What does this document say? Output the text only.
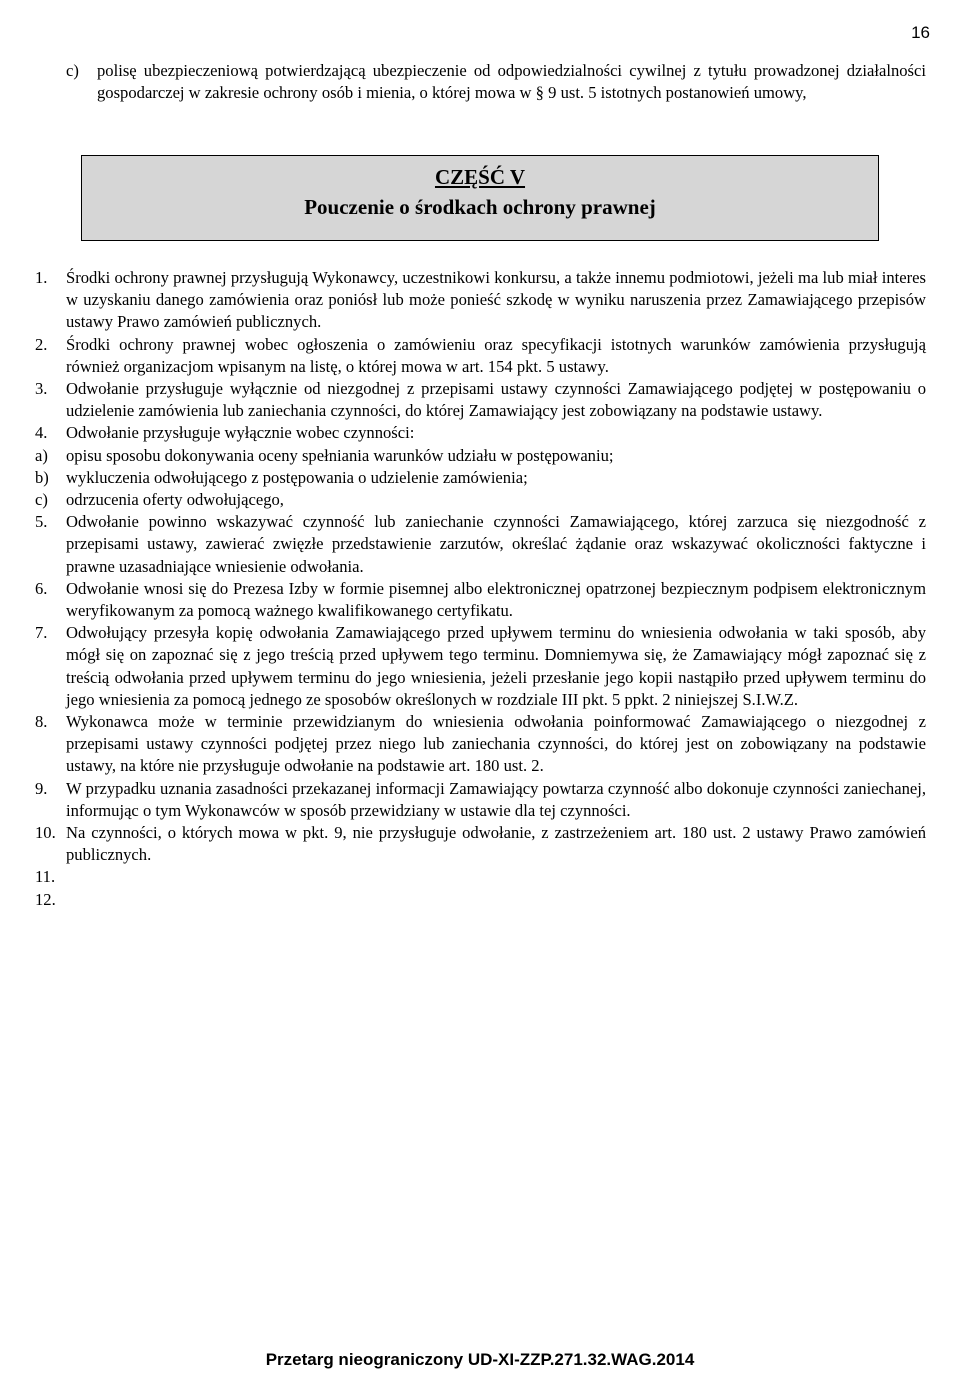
16
c)	polisę ubezpieczeniową potwierdzającą ubezpieczenie od odpowiedzialności cywilnej z tytułu prowadzonej działalności gospodarczej w zakresie ochrony osób i mienia, o której mowa w § 9 ust. 5 istotnych postanowień umowy,
CZĘŚĆ V
Pouczenie o środkach ochrony prawnej
1.	Środki ochrony prawnej przysługują Wykonawcy, uczestnikowi konkursu, a także innemu podmiotowi, jeżeli ma lub miał interes w uzyskaniu danego zamówienia oraz poniósł lub może ponieść szkodę w wyniku naruszenia przez Zamawiającego przepisów ustawy Prawo zamówień publicznych.
2.	Środki ochrony prawnej wobec ogłoszenia o zamówieniu oraz specyfikacji istotnych warunków zamówienia przysługują również organizacjom wpisanym na listę, o której mowa w art. 154 pkt. 5 ustawy.
3.	Odwołanie przysługuje wyłącznie od niezgodnej z przepisami ustawy czynności Zamawiającego podjętej w postępowaniu o udzielenie zamówienia lub zaniechania czynności, do której Zamawiający jest zobowiązany na podstawie ustawy.
4.	Odwołanie przysługuje wyłącznie wobec czynności:
a)	opisu sposobu dokonywania oceny spełniania warunków udziału w postępowaniu;
b)	wykluczenia odwołującego z postępowania o udzielenie zamówienia;
c)	odrzucenia oferty odwołującego,
5.	Odwołanie powinno wskazywać czynność lub zaniechanie czynności Zamawiającego, której zarzuca się niezgodność z przepisami ustawy, zawierać zwięzłe przedstawienie zarzutów, określać żądanie oraz wskazywać okoliczności faktyczne i prawne uzasadniające wniesienie odwołania.
6.	Odwołanie wnosi się do Prezesa Izby w formie pisemnej albo elektronicznej opatrzonej bezpiecznym podpisem elektronicznym weryfikowanym za pomocą ważnego kwalifikowanego certyfikatu.
7.	Odwołujący przesyła kopię odwołania Zamawiającego przed upływem terminu do wniesienia odwołania w taki sposób, aby mógł się on zapoznać się z jego treścią przed upływem tego terminu. Domniemywa się, że Zamawiający mógł zapoznać się z treścią odwołania przed upływem terminu do jego wniesienia, jeżeli przesłanie jego kopii nastąpiło przed upływem terminu do jego wniesienia za pomocą jednego ze sposobów określonych w rozdziale III pkt. 5 ppkt. 2 niniejszej S.I.W.Z.
8.	Wykonawca może w terminie przewidzianym do wniesienia odwołania poinformować Zamawiającego o niezgodnej z przepisami ustawy czynności podjętej przez niego lub zaniechania czynności, do której jest on zobowiązany na podstawie ustawy, na które nie przysługuje odwołanie na podstawie art. 180 ust. 2.
9.	W przypadku uznania zasadności przekazanej informacji Zamawiający powtarza czynność albo dokonuje czynności zaniechanej, informując o tym Wykonawców w sposób przewidziany w ustawie dla tej czynności.
10. Na czynności, o których mowa w pkt. 9, nie przysługuje odwołanie, z zastrzeżeniem art. 180 ust. 2 ustawy Prawo zamówień publicznych.
11.
12.
Przetarg nieograniczony UD-XI-ZZP.271.32.WAG.2014
